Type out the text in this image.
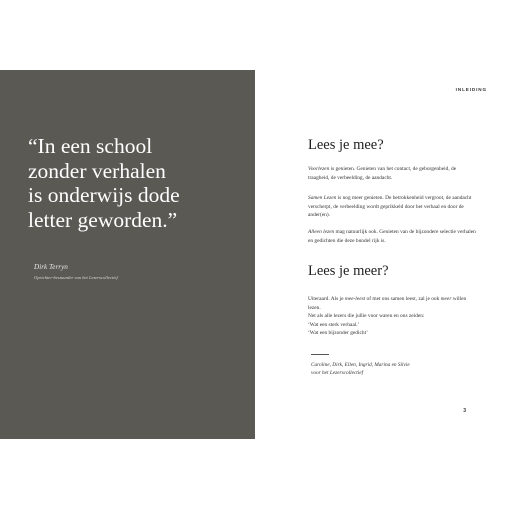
“In een school
zonder verhalen
is onderwijs dode
letter geworden.”
Dirk Terryn
Oprichter-bestuurder van het Lezerscollectief
INLEIDING
Lees je mee?

Voorlezen is genieten. Genieten van het contact, de geborgenheid, de traagheid, de verbeelding, de aandacht.

Samen Lezen is nog meer genieten. De betrokkenheid vergroot, de aandacht verscherpt, de verbeelding wordt geprikkeld door het verhaal en door de ander(en).

Alleen lezen mag natuurlijk ook. Genieten van de bijzondere selectie verhalen en gedichten die deze bundel rijk is.

Lees je meer?

Uiteraard. Als je mee-leest of met ons samen leest, zal je ook meer willen lezen.
Net als alle lezers die jullie voor waren en ons zeiden:
‘Wat een sterk verhaal.’
‘Wat een bijzonder gedicht’

Caroline, Dirk, Ellen, Ingrid, Marina en Silvie
voor het Lezerscollectief
3
